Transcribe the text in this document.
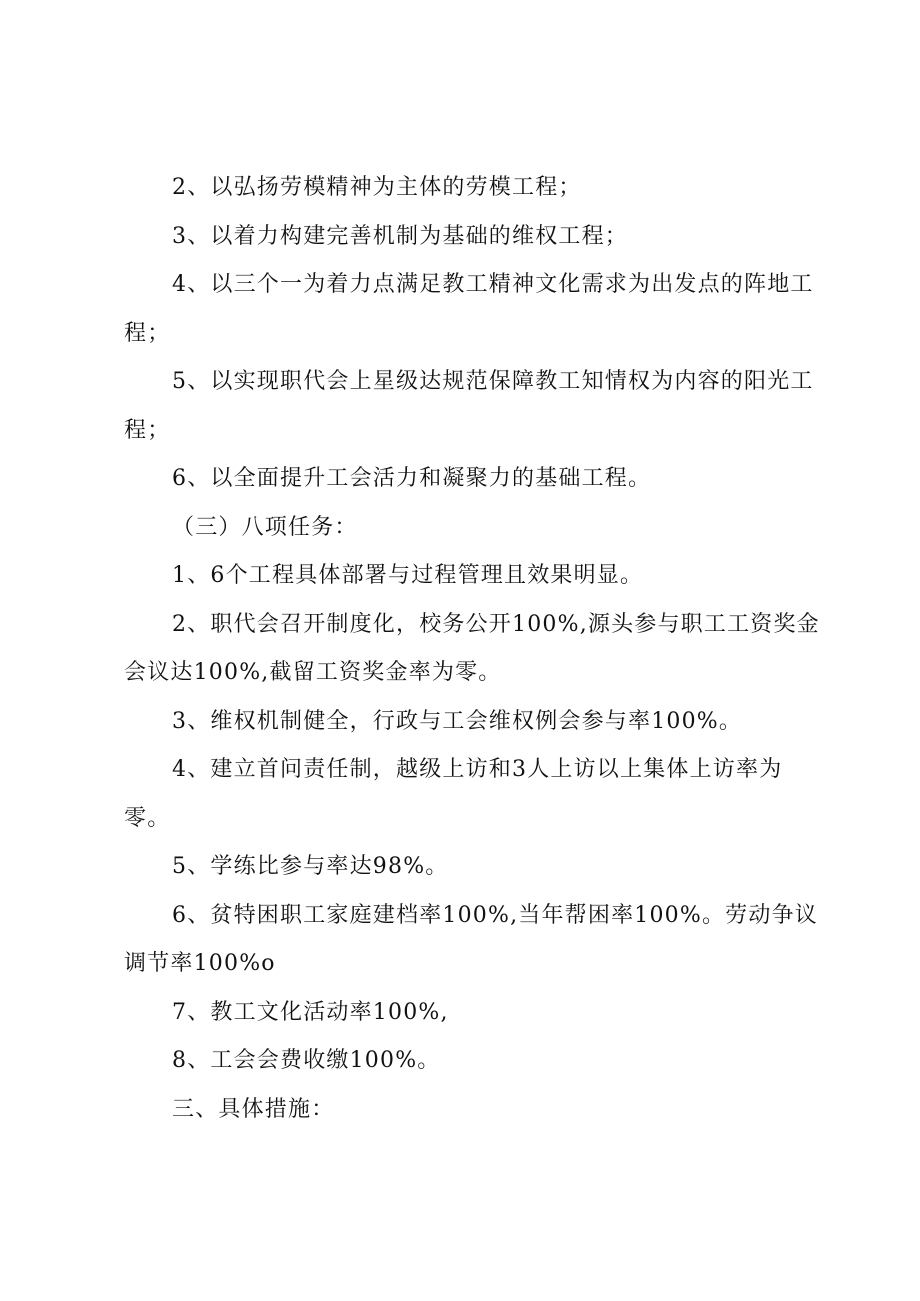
2、以弘扬劳模精神为主体的劳模工程；

3、以着力构建完善机制为基础的维权工程；

4、以三个一为着力点满足教工精神文化需求为出发点的阵地工程；

5、以实现职代会上星级达规范保障教工知情权为内容的阳光工程；

6、以全面提升工会活力和凝聚力的基础工程。

（三）八项任务：

1、6个工程具体部署与过程管理且效果明显。

2、职代会召开制度化，校务公开100%,源头参与职工工资奖金会议达100%,截留工资奖金率为零。

3、维权机制健全，行政与工会维权例会参与率100%。

4、建立首问责任制，越级上访和3人上访以上集体上访率为零。

5、学练比参与率达98%。

6、贫特困职工家庭建档率100%,当年帮困率100%。劳动争议调节率100%o

7、教工文化活动率100%,

8、工会会费收缴100%。

三、具体措施：
